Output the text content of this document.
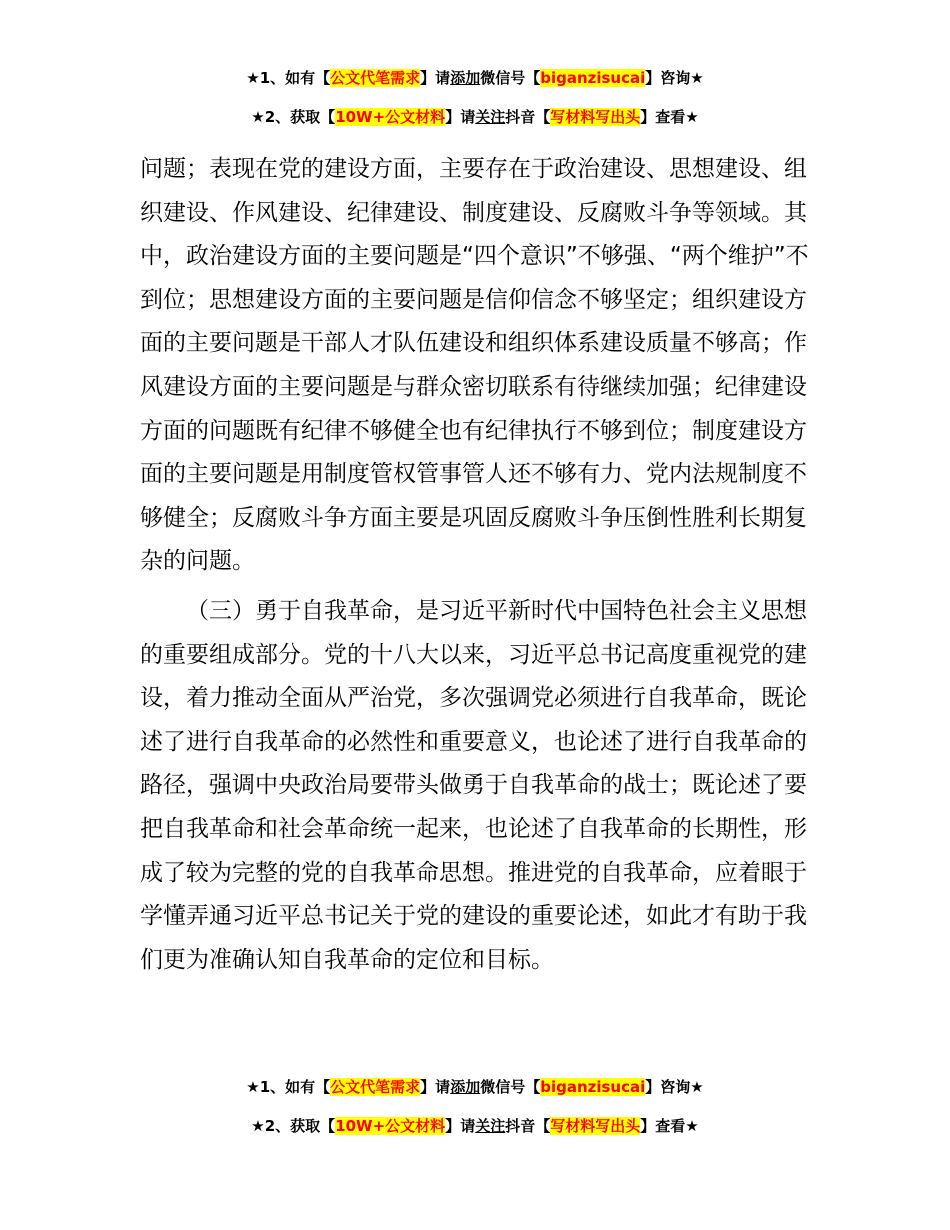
★1、如有【公文代笔需求】请添加微信号【biganzisucai】咨询★
★2、获取【10W+公文材料】请关注抖音【写材料写出头】查看★

问题；表现在党的建设方面，主要存在于政治建设、思想建设、组织建设、作风建设、纪律建设、制度建设、反腐败斗争等领域。其中，政治建设方面的主要问题是“四个意识”不够强、“两个维护”不到位；思想建设方面的主要问题是信仰信念不够坚定；组织建设方面的主要问题是干部人才队伍建设和组织体系建设质量不够高；作风建设方面的主要问题是与群众密切联系有待继续加强；纪律建设方面的问题既有纪律不够健全也有纪律执行不够到位；制度建设方面的主要问题是用制度管权管事管人还不够有力、党内法规制度不够健全；反腐败斗争方面主要是巩固反腐败斗争压倒性胜利长期复杂的问题。

（三）勇于自我革命，是习近平新时代中国特色社会主义思想的重要组成部分。党的十八大以来，习近平总书记高度重视党的建设，着力推动全面从严治党，多次强调党必须进行自我革命，既论述了进行自我革命的必然性和重要意义，也论述了进行自我革命的路径，强调中央政治局要带头做勇于自我革命的战士；既论述了要把自我革命和社会革命统一起来，也论述了自我革命的长期性，形成了较为完整的党的自我革命思想。推进党的自我革命，应着眼于学懂弄通习近平总书记关于党的建设的重要论述，如此才有助于我们更为准确认知自我革命的定位和目标。

★1、如有【公文代笔需求】请添加微信号【biganzisucai】咨询★
★2、获取【10W+公文材料】请关注抖音【写材料写出头】查看★
